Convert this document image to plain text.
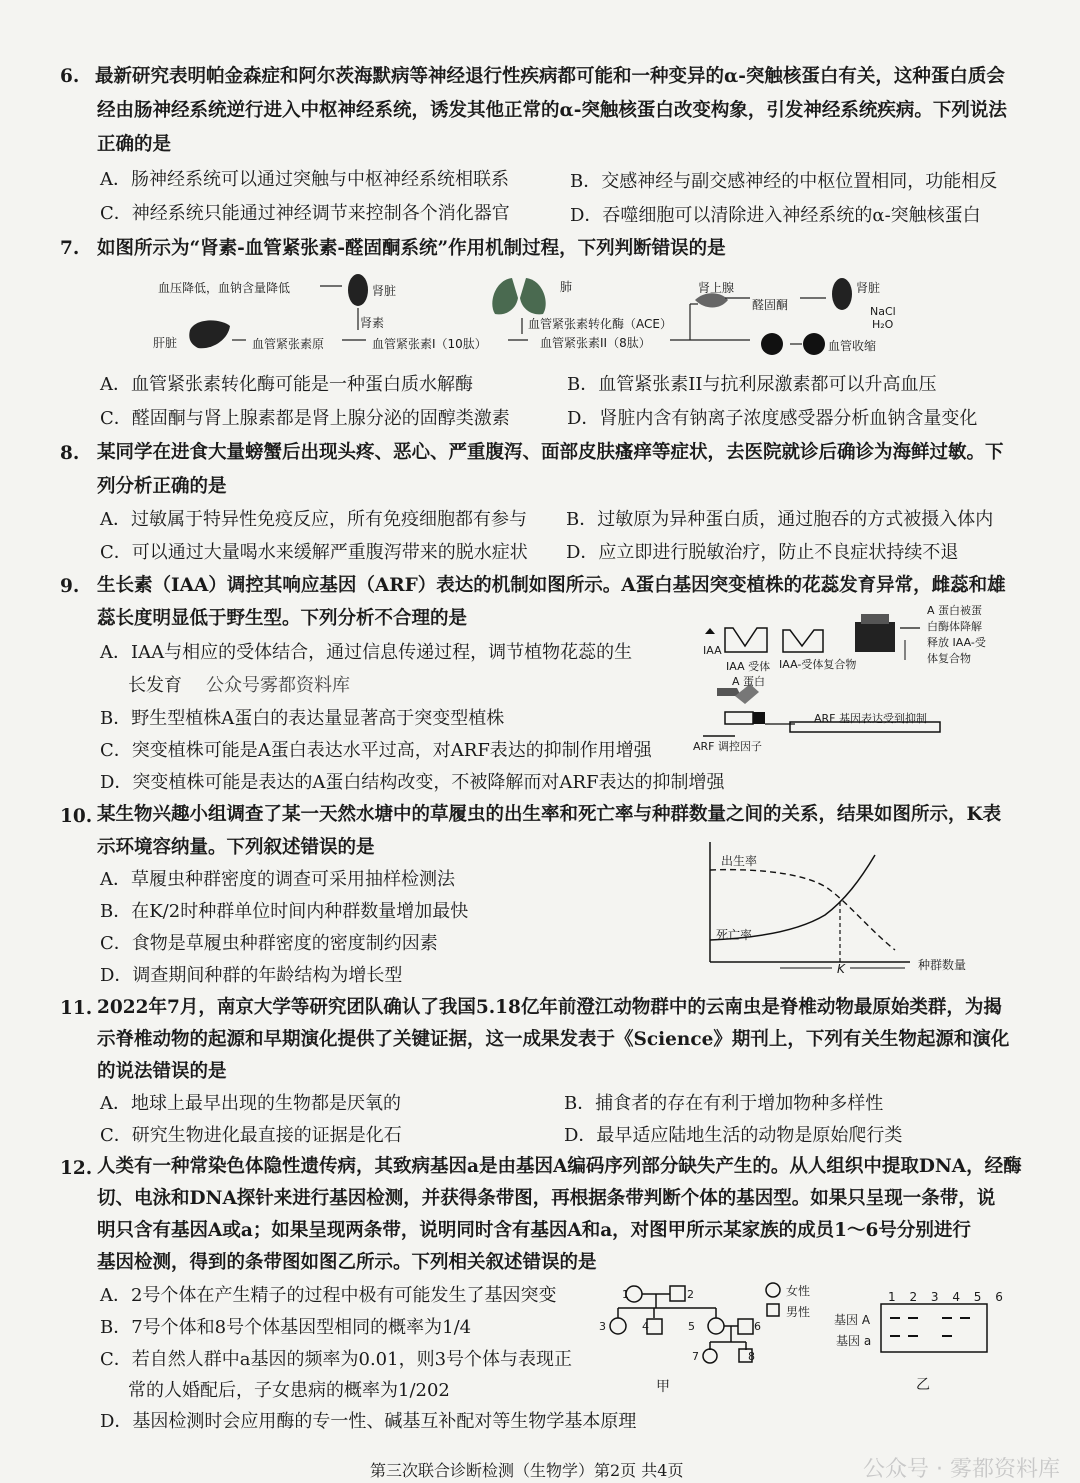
6. 最新研究表明帕金森症和阿尔茨海默病等神经退行性疾病都可能和一种变异的α-突触核蛋白有关，这种蛋白质会
经由肠神经系统逆行进入中枢神经系统，诱发其他正常的α-突触核蛋白改变构象，引发神经系统疾病。下列说法
正确的是
A．肠神经系统可以通过突触与中枢神经系统相联系	B．交感神经与副交感神经的中枢位置相同，功能相反
C．神经系统只能通过神经调节来控制各个消化器官	D．吞噬细胞可以清除进入神经系统的α-突触核蛋白
7. 如图所示为“肾素-血管紧张素-醛固酮系统”作用机制过程，下列判断错误的是
血压降低，血钠含量降低	肾脏
肾素
肺
血管紧张素转化酶（ACE）
肾上腺
醛固酮
肾脏
NaCl
H₂O
肝脏	血管紧张素原	血管紧张素I（10肽）	血管紧张素II（8肽）	血管收缩
A．血管紧张素转化酶可能是一种蛋白质水解酶	B．血管紧张素II与抗利尿激素都可以升高血压
C．醛固酮与肾上腺素都是肾上腺分泌的固醇类激素	D．肾脏内含有钠离子浓度感受器分析血钠含量变化
8. 某同学在进食大量螃蟹后出现头疼、恶心、严重腹泻、面部皮肤瘙痒等症状，去医院就诊后确诊为海鲜过敏。下
列分析正确的是
A．过敏属于特异性免疫反应，所有免疫细胞都有参与 B．过敏原为异种蛋白质，通过胞吞的方式被摄入体内
C．可以通过大量喝水来缓解严重腹泻带来的脱水症状 D．应立即进行脱敏治疗，防止不良症状持续不退
9. 生长素（IAA）调控其响应基因（ARF）表达的机制如图所示。A蛋白基因突变植株的花蕊发育异常，雌蕊和雄
蕊长度明显低于野生型。下列分析不合理的是
A．IAA与相应的受体结合，通过信息传递过程，调节植物花蕊的生
长发育 公众号雾都资料库
B．野生型植株A蛋白的表达量显著高于突变型植株
C．突变植株可能是A蛋白表达水平过高，对ARF表达的抑制作用增强
D．突变植株可能是表达的A蛋白结构改变，不被降解而对ARF表达的抑制增强
IAA
IAA 受体 IAA-受体复合物
A 蛋白
A 蛋白被蛋
白酶体降解
释放 IAA-受
体复合物
ARF 调控因子
ARF 基因表达受到抑制
10. 某生物兴趣小组调查了某一天然水塘中的草履虫的出生率和死亡率与种群数量之间的关系，结果如图所示，K表
示环境容纳量。下列叙述错误的是
A．草履虫种群密度的调查可采用抽样检测法
B．在K/2时种群单位时间内种群数量增加最快
C．食物是草履虫种群密度的密度制约因素
D．调查期间种群的年龄结构为增长型
出生率
死亡率
K	种群数量
11. 2022年7月，南京大学等研究团队确认了我国5.18亿年前澄江动物群中的云南虫是脊椎动物最原始类群，为揭
示脊椎动物的起源和早期演化提供了关键证据，这一成果发表于《Science》期刊上，下列有关生物起源和演化
的说法错误的是
A．地球上最早出现的生物都是厌氧的	B．捕食者的存在有利于增加物种多样性
C．研究生物进化最直接的证据是化石	D．最早适应陆地生活的动物是原始爬行类
12. 人类有一种常染色体隐性遗传病，其致病基因a是由基因A编码序列部分缺失产生的。从人组织中提取DNA，经酶
切、电泳和DNA探针来进行基因检测，并获得条带图，再根据条带判断个体的基因型。如果只呈现一条带，说
明只含有基因A或a；如果呈现两条带，说明同时含有基因A和a，对图甲所示某家族的成员1～6号分别进行
基因检测，得到的条带图如图乙所示。下列相关叙述错误的是
A．2号个体在产生精子的过程中极有可能发生了基因突变
B．7号个体和8号个体基因型相同的概率为1/4
C．若自然人群中a基因的频率为0.01，则3号个体与表现正
常的人婚配后，子女患病的概率为1/202
D．基因检测时会应用酶的专一性、碱基互补配对等生物学基本原理
1	2
3	4	5	6
7	8
甲
女性
男性
1 2 3 4 5 6
基因 A
基因 a
乙
第三次联合诊断检测（生物学）第2页 共4页	公众号 · 雾都资料库
